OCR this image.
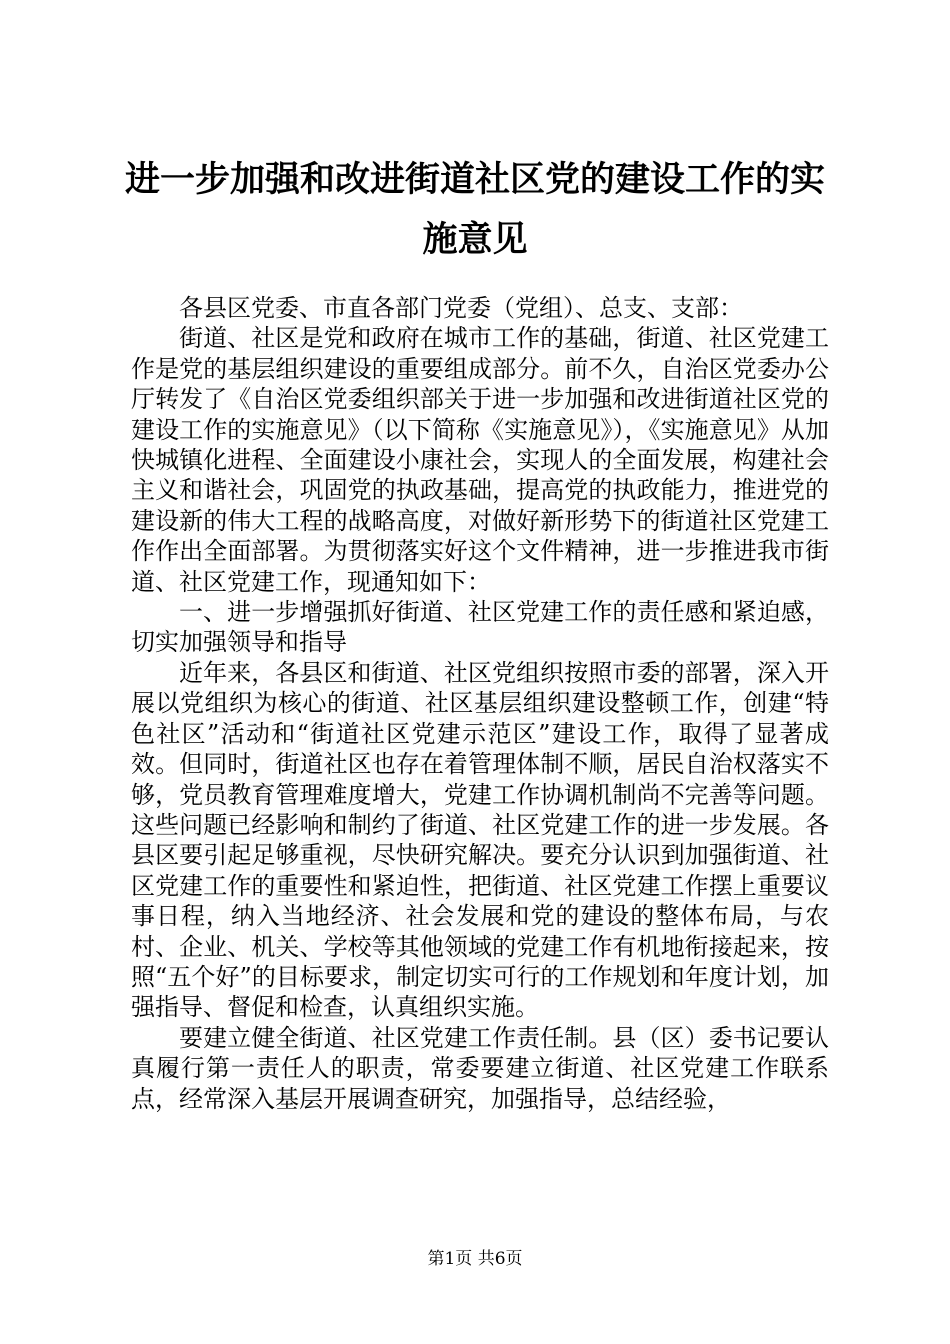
进一步加强和改进街道社区党的建设工作的实施意见

各县区党委、市直各部门党委（党组）、总支、支部：

街道、社区是党和政府在城市工作的基础，街道、社区党建工作是党的基层组织建设的重要组成部分。前不久，自治区党委办公厅转发了《自治区党委组织部关于进一步加强和改进街道社区党的建设工作的实施意见》（以下简称《实施意见》），《实施意见》从加快城镇化进程、全面建设小康社会，实现人的全面发展，构建社会主义和谐社会，巩固党的执政基础，提高党的执政能力，推进党的建设新的伟大工程的战略高度，对做好新形势下的街道社区党建工作作出全面部署。为贯彻落实好这个文件精神，进一步推进我市街道、社区党建工作，现通知如下：

一、进一步增强抓好街道、社区党建工作的责任感和紧迫感，切实加强领导和指导

近年来，各县区和街道、社区党组织按照市委的部署，深入开展以党组织为核心的街道、社区基层组织建设整顿工作，创建“特色社区”活动和“街道社区党建示范区”建设工作，取得了显著成效。但同时，街道社区也存在着管理体制不顺，居民自治权落实不够，党员教育管理难度增大，党建工作协调机制尚不完善等问题。这些问题已经影响和制约了街道、社区党建工作的进一步发展。各县区要引起足够重视，尽快研究解决。要充分认识到加强街道、社区党建工作的重要性和紧迫性，把街道、社区党建工作摆上重要议事日程，纳入当地经济、社会发展和党的建设的整体布局，与农村、企业、机关、学校等其他领域的党建工作有机地衔接起来，按照“五个好”的目标要求，制定切实可行的工作规划和年度计划，加强指导、督促和检查，认真组织实施。

要建立健全街道、社区党建工作责任制。县（区）委书记要认真履行第一责任人的职责，常委要建立街道、社区党建工作联系点，经常深入基层开展调查研究，加强指导，总结经验，

第1页 共6页
